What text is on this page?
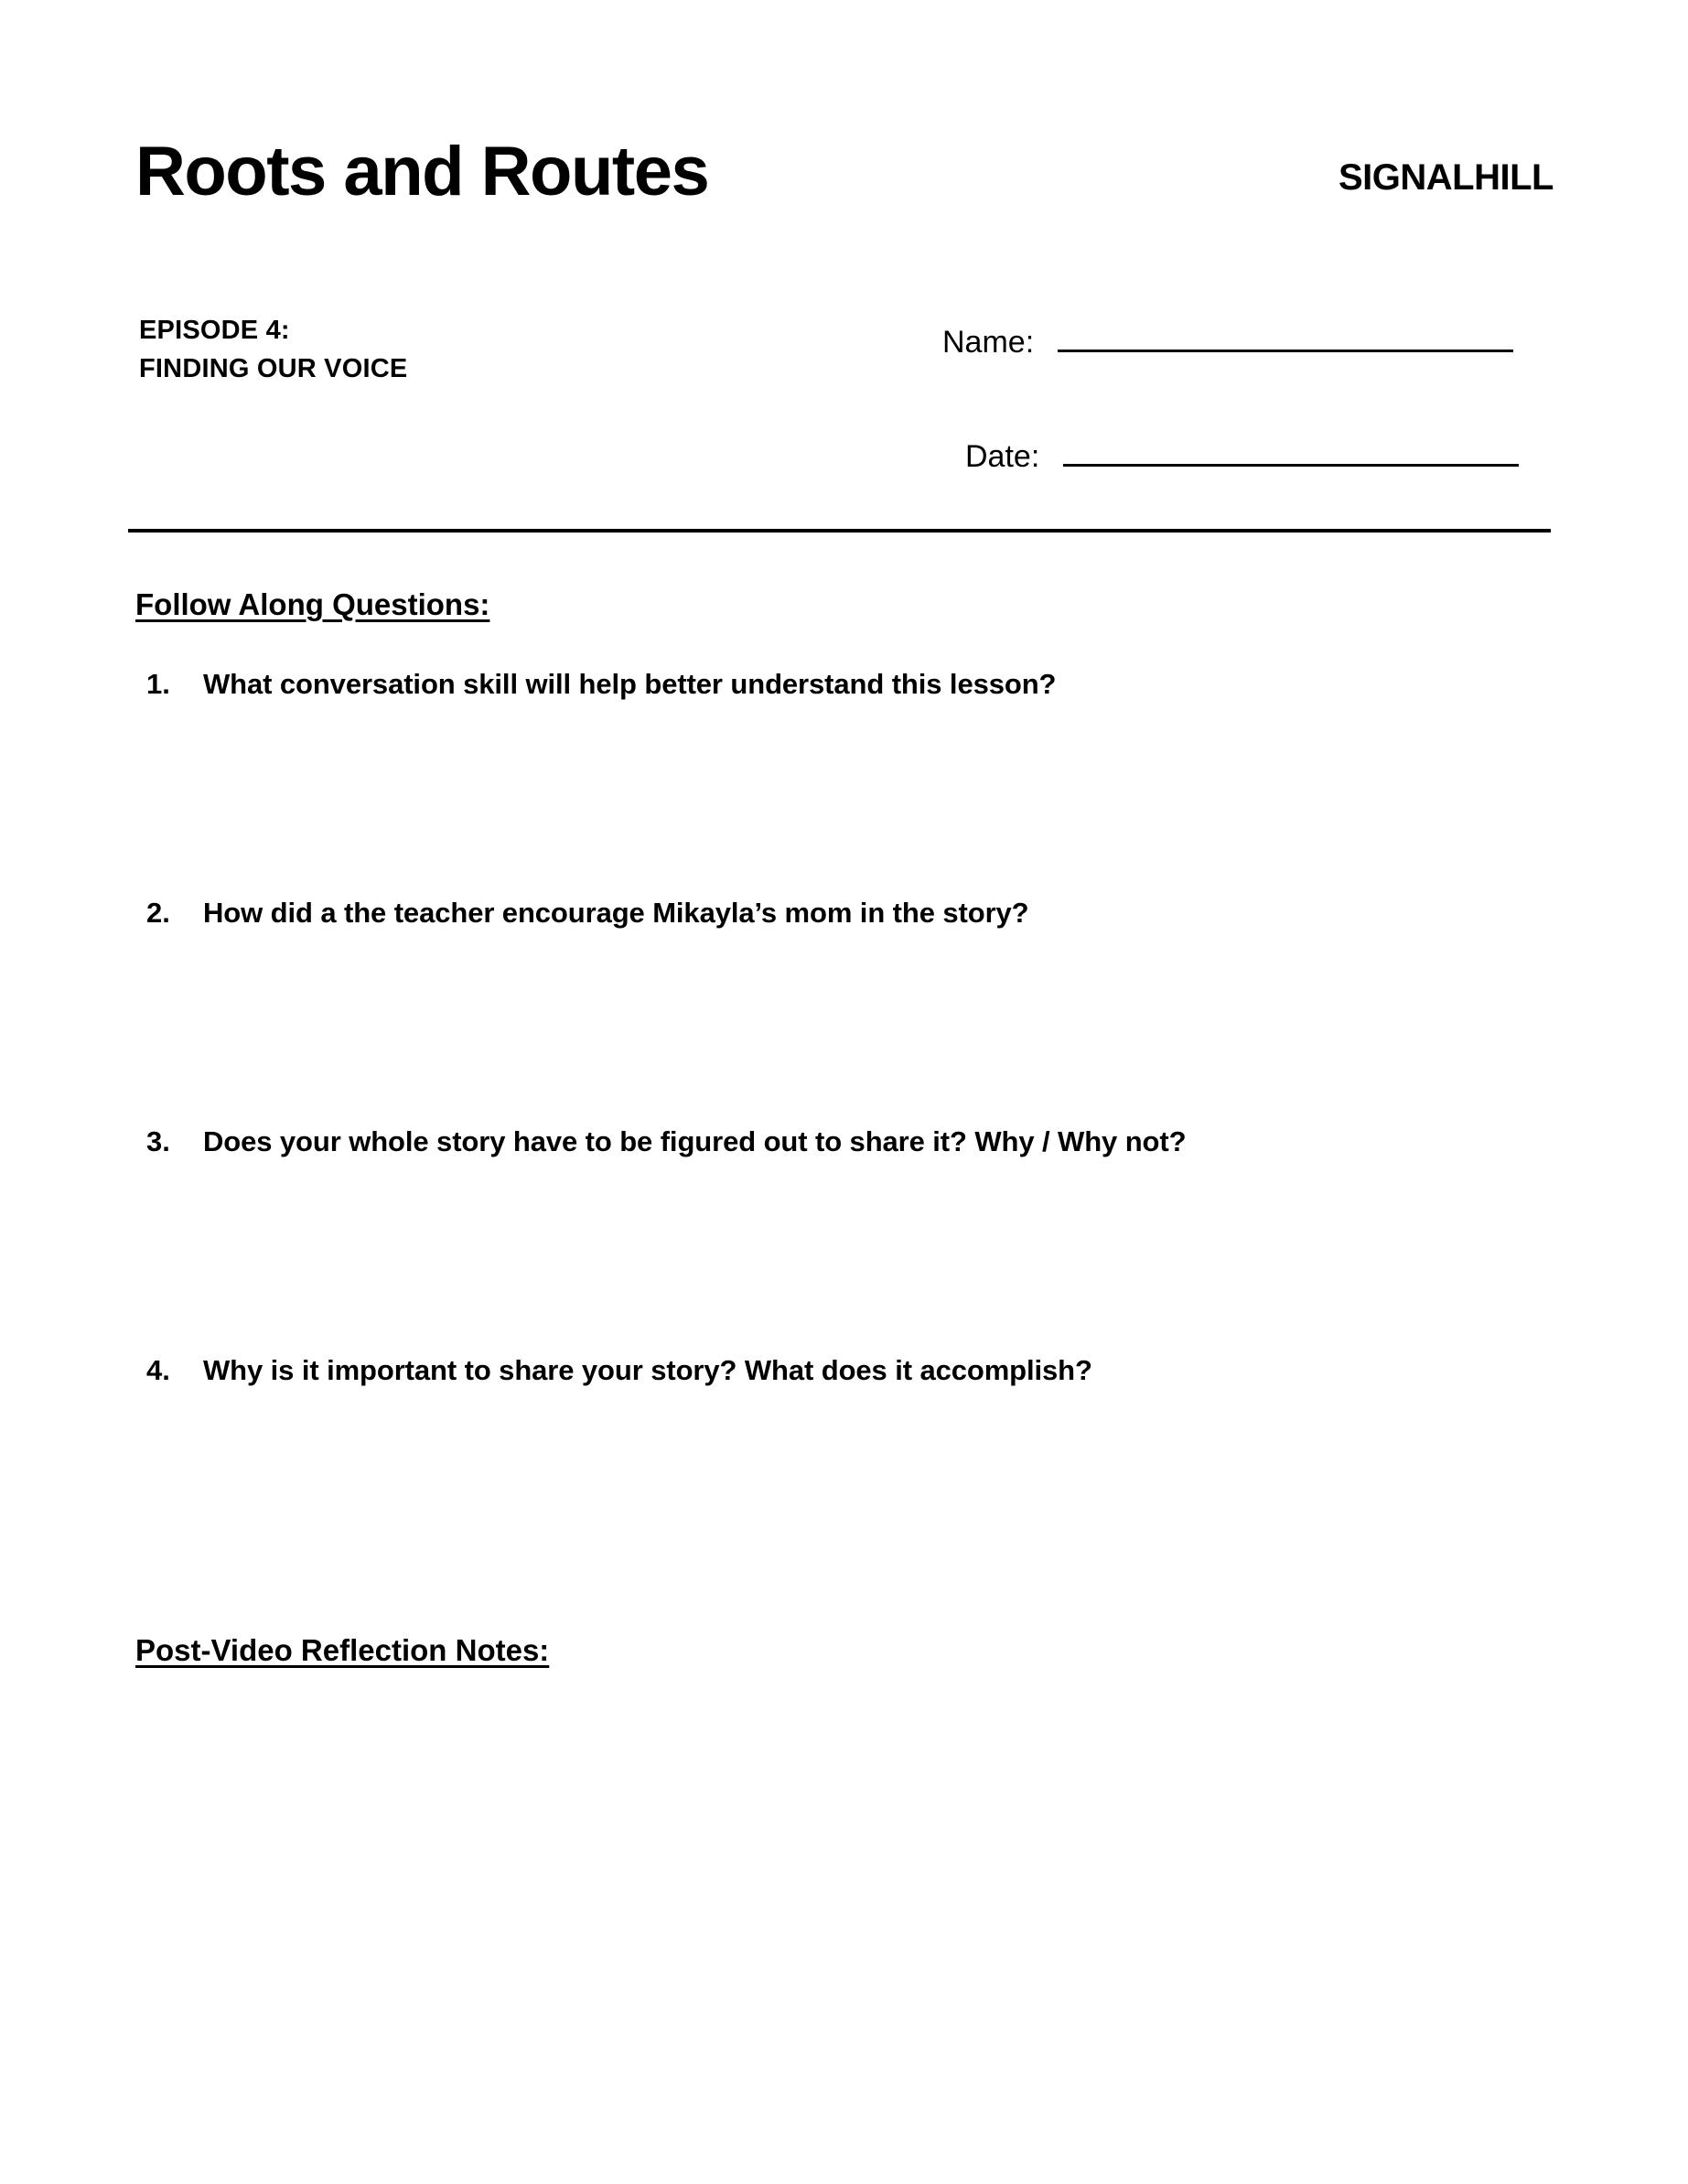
Roots and Routes	SIGNAL HILL
EPISODE 4:
FINDING OUR VOICE
Name:
Date:
Follow Along Questions:
1.	What conversation skill will help better understand this lesson?
2.	How did a the teacher encourage Mikayla’s mom in the story?
3.	Does your whole story have to be figured out to share it? Why / Why not?
4.	Why is it important to share your story? What does it accomplish?
Post-Video Reflection Notes:
